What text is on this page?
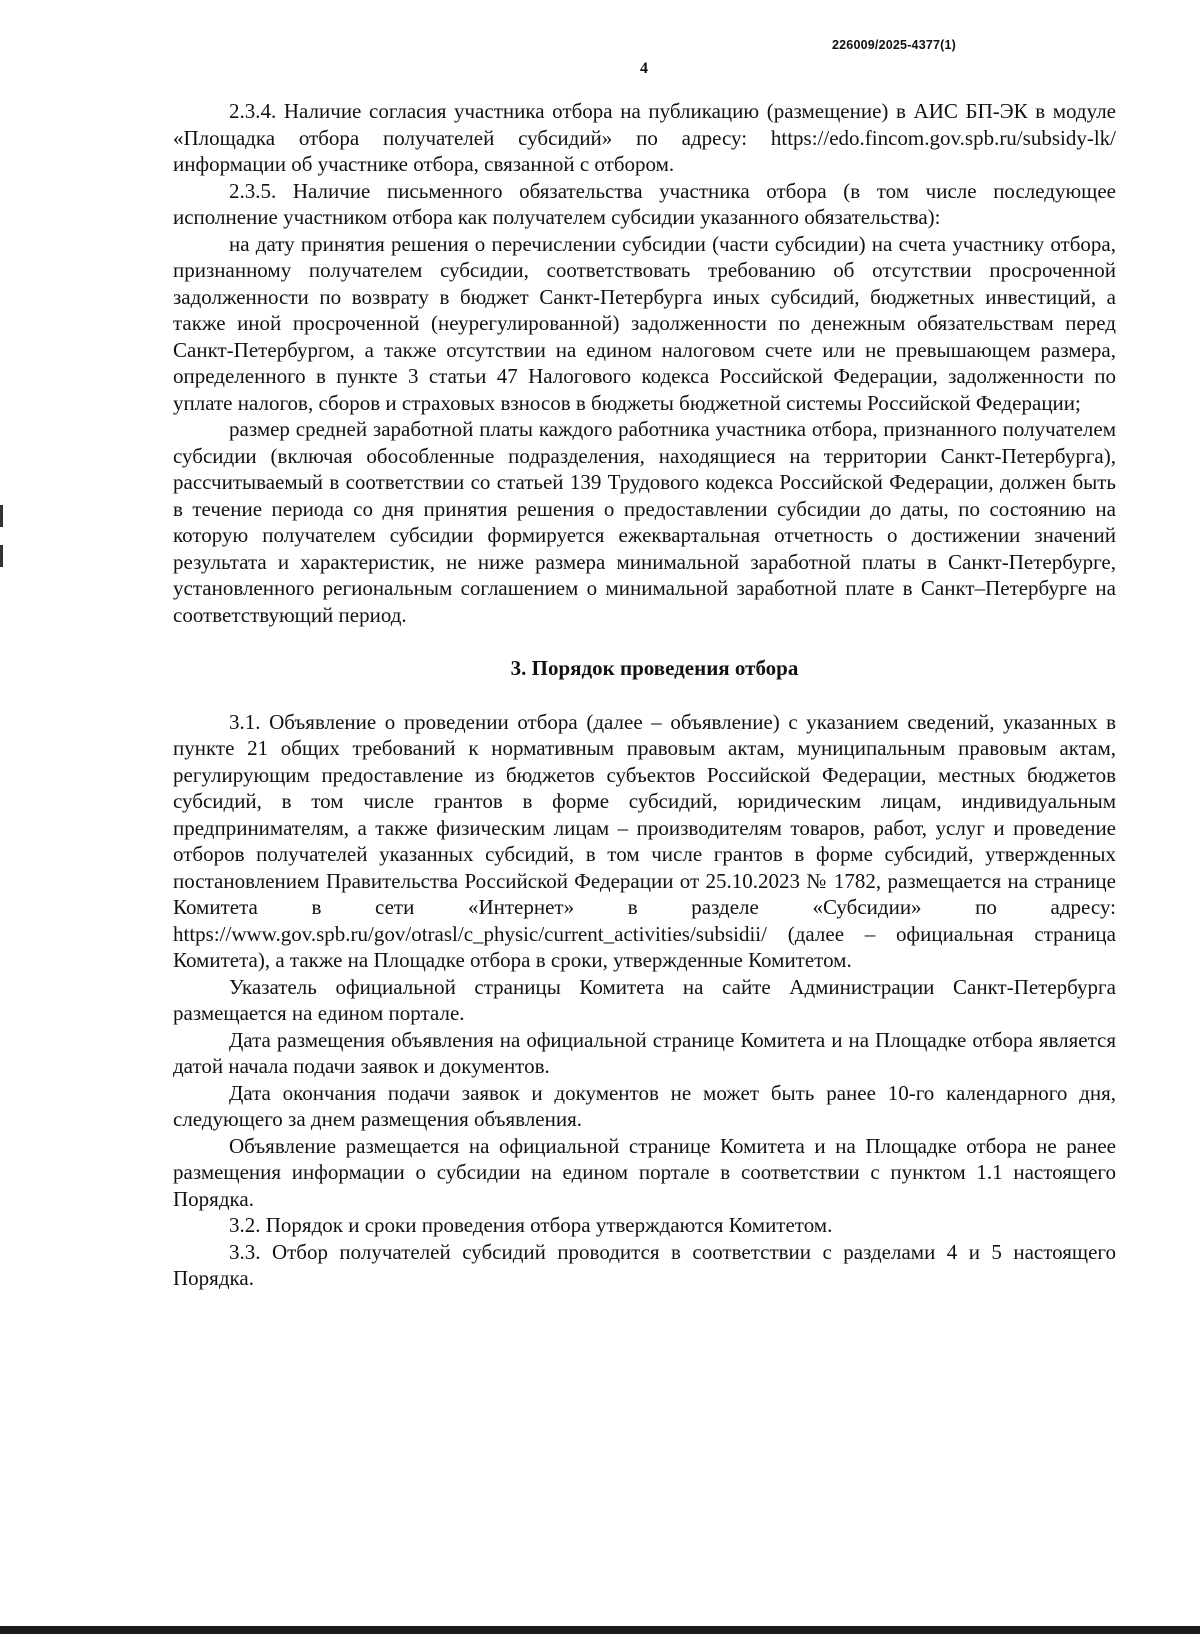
226009/2025-4377(1)
4

2.3.4. Наличие согласия участника отбора на публикацию (размещение) в АИС БП-ЭК в модуле «Площадка отбора получателей субсидий» по адресу: https://edo.fincom.gov.spb.ru/subsidy-lk/ информации об участнике отбора, связанной с отбором.

2.3.5. Наличие письменного обязательства участника отбора (в том числе последующее исполнение участником отбора как получателем субсидии указанного обязательства):

на дату принятия решения о перечислении субсидии (части субсидии) на счета участнику отбора, признанному получателем субсидии, соответствовать требованию об отсутствии просроченной задолженности по возврату в бюджет Санкт-Петербурга иных субсидий, бюджетных инвестиций, а также иной просроченной (неурегулированной) задолженности по денежным обязательствам перед Санкт-Петербургом, а также отсутствии на едином налоговом счете или не превышающем размера, определенного в пункте 3 статьи 47 Налогового кодекса Российской Федерации, задолженности по уплате налогов, сборов и страховых взносов в бюджеты бюджетной системы Российской Федерации;

размер средней заработной платы каждого работника участника отбора, признанного получателем субсидии (включая обособленные подразделения, находящиеся на территории Санкт-Петербурга), рассчитываемый в соответствии со статьей 139 Трудового кодекса Российской Федерации, должен быть в течение периода со дня принятия решения о предоставлении субсидии до даты, по состоянию на которую получателем субсидии формируется ежеквартальная отчетность о достижении значений результата и характеристик, не ниже размера минимальной заработной платы в Санкт-Петербурге, установленного региональным соглашением о минимальной заработной плате в Санкт–Петербурге на соответствующий период.

3. Порядок проведения отбора

3.1. Объявление о проведении отбора (далее – объявление) с указанием сведений, указанных в пункте 21 общих требований к нормативным правовым актам, муниципальным правовым актам, регулирующим предоставление из бюджетов субъектов Российской Федерации, местных бюджетов субсидий, в том числе грантов в форме субсидий, юридическим лицам, индивидуальным предпринимателям, а также физическим лицам – производителям товаров, работ, услуг и проведение отборов получателей указанных субсидий, в том числе грантов в форме субсидий, утвержденных постановлением Правительства Российской Федерации от 25.10.2023 № 1782, размещается на странице Комитета в сети «Интернет» в разделе «Субсидии» по адресу: https://www.gov.spb.ru/gov/otrasl/c_physic/current_activities/subsidii/ (далее – официальная страница Комитета), а также на Площадке отбора в сроки, утвержденные Комитетом.

Указатель официальной страницы Комитета на сайте Администрации Санкт-Петербурга размещается на едином портале.

Дата размещения объявления на официальной странице Комитета и на Площадке отбора является датой начала подачи заявок и документов.

Дата окончания подачи заявок и документов не может быть ранее 10-го календарного дня, следующего за днем размещения объявления.

Объявление размещается на официальной странице Комитета и на Площадке отбора не ранее размещения информации о субсидии на едином портале в соответствии с пунктом 1.1 настоящего Порядка.

3.2. Порядок и сроки проведения отбора утверждаются Комитетом.

3.3. Отбор получателей субсидий проводится в соответствии с разделами 4 и 5 настоящего Порядка.
